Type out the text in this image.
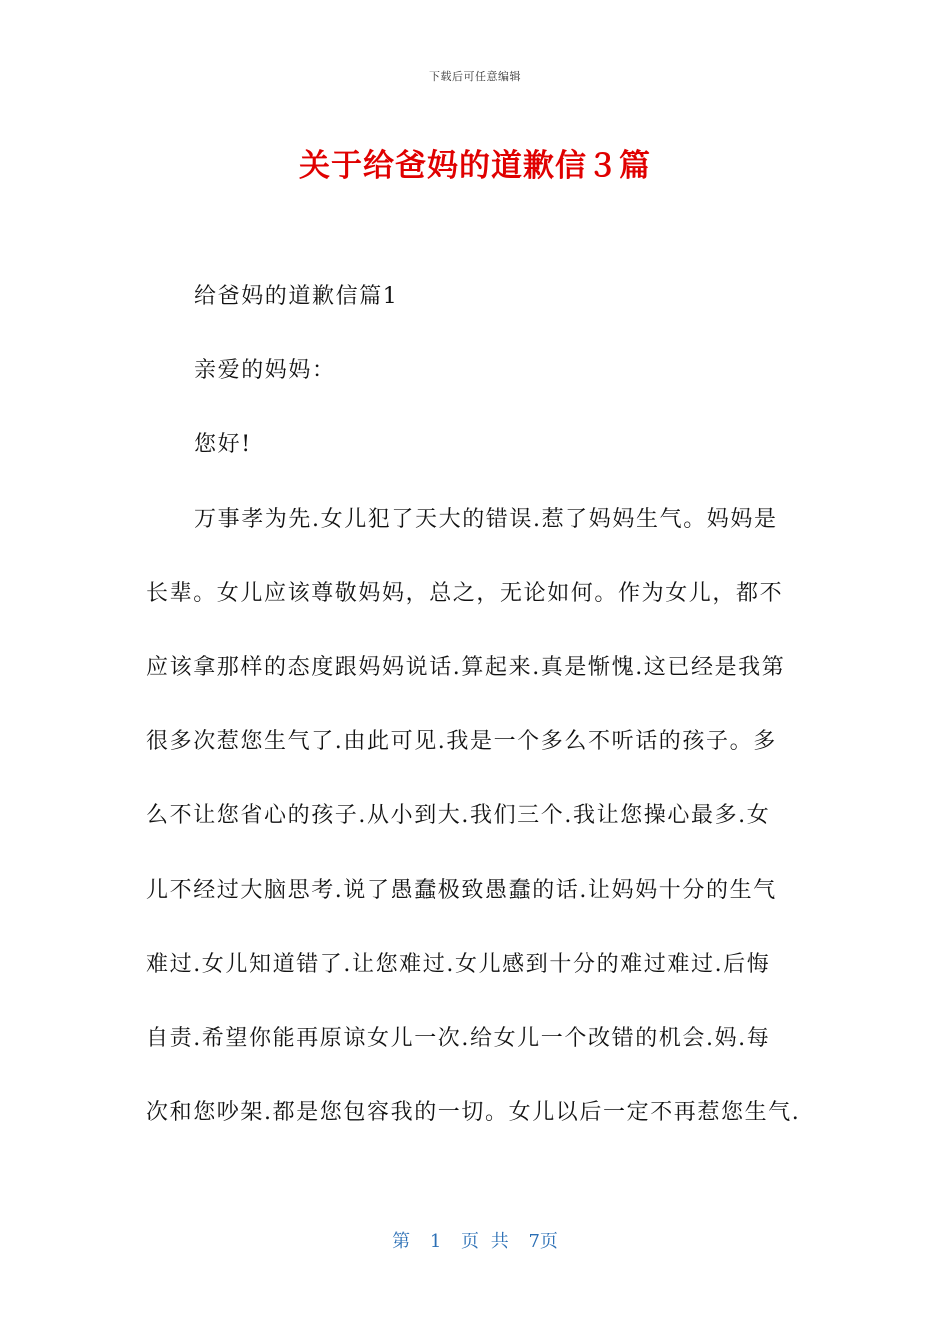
下载后可任意编辑
关于给爸妈的道歉信３篇
给爸妈的道歉信篇1
亲爱的妈妈：
您好!
万事孝为先.女儿犯了天大的错误.惹了妈妈生气。妈妈是
长辈。女儿应该尊敬妈妈，总之，无论如何。作为女儿，都不
应该拿那样的态度跟妈妈说话.算起来.真是惭愧.这已经是我第
很多次惹您生气了.由此可见.我是一个多么不听话的孩子。多
么不让您省心的孩子.从小到大.我们三个.我让您操心最多.女
儿不经过大脑思考.说了愚蠢极致愚蠢的话.让妈妈十分的生气
难过.女儿知道错了.让您难过.女儿感到十分的难过难过.后悔
自责.希望你能再原谅女儿一次.给女儿一个改错的机会.妈.每
次和您吵架.都是您包容我的一切。女儿以后一定不再惹您生气.
第 1 页 共 7页
